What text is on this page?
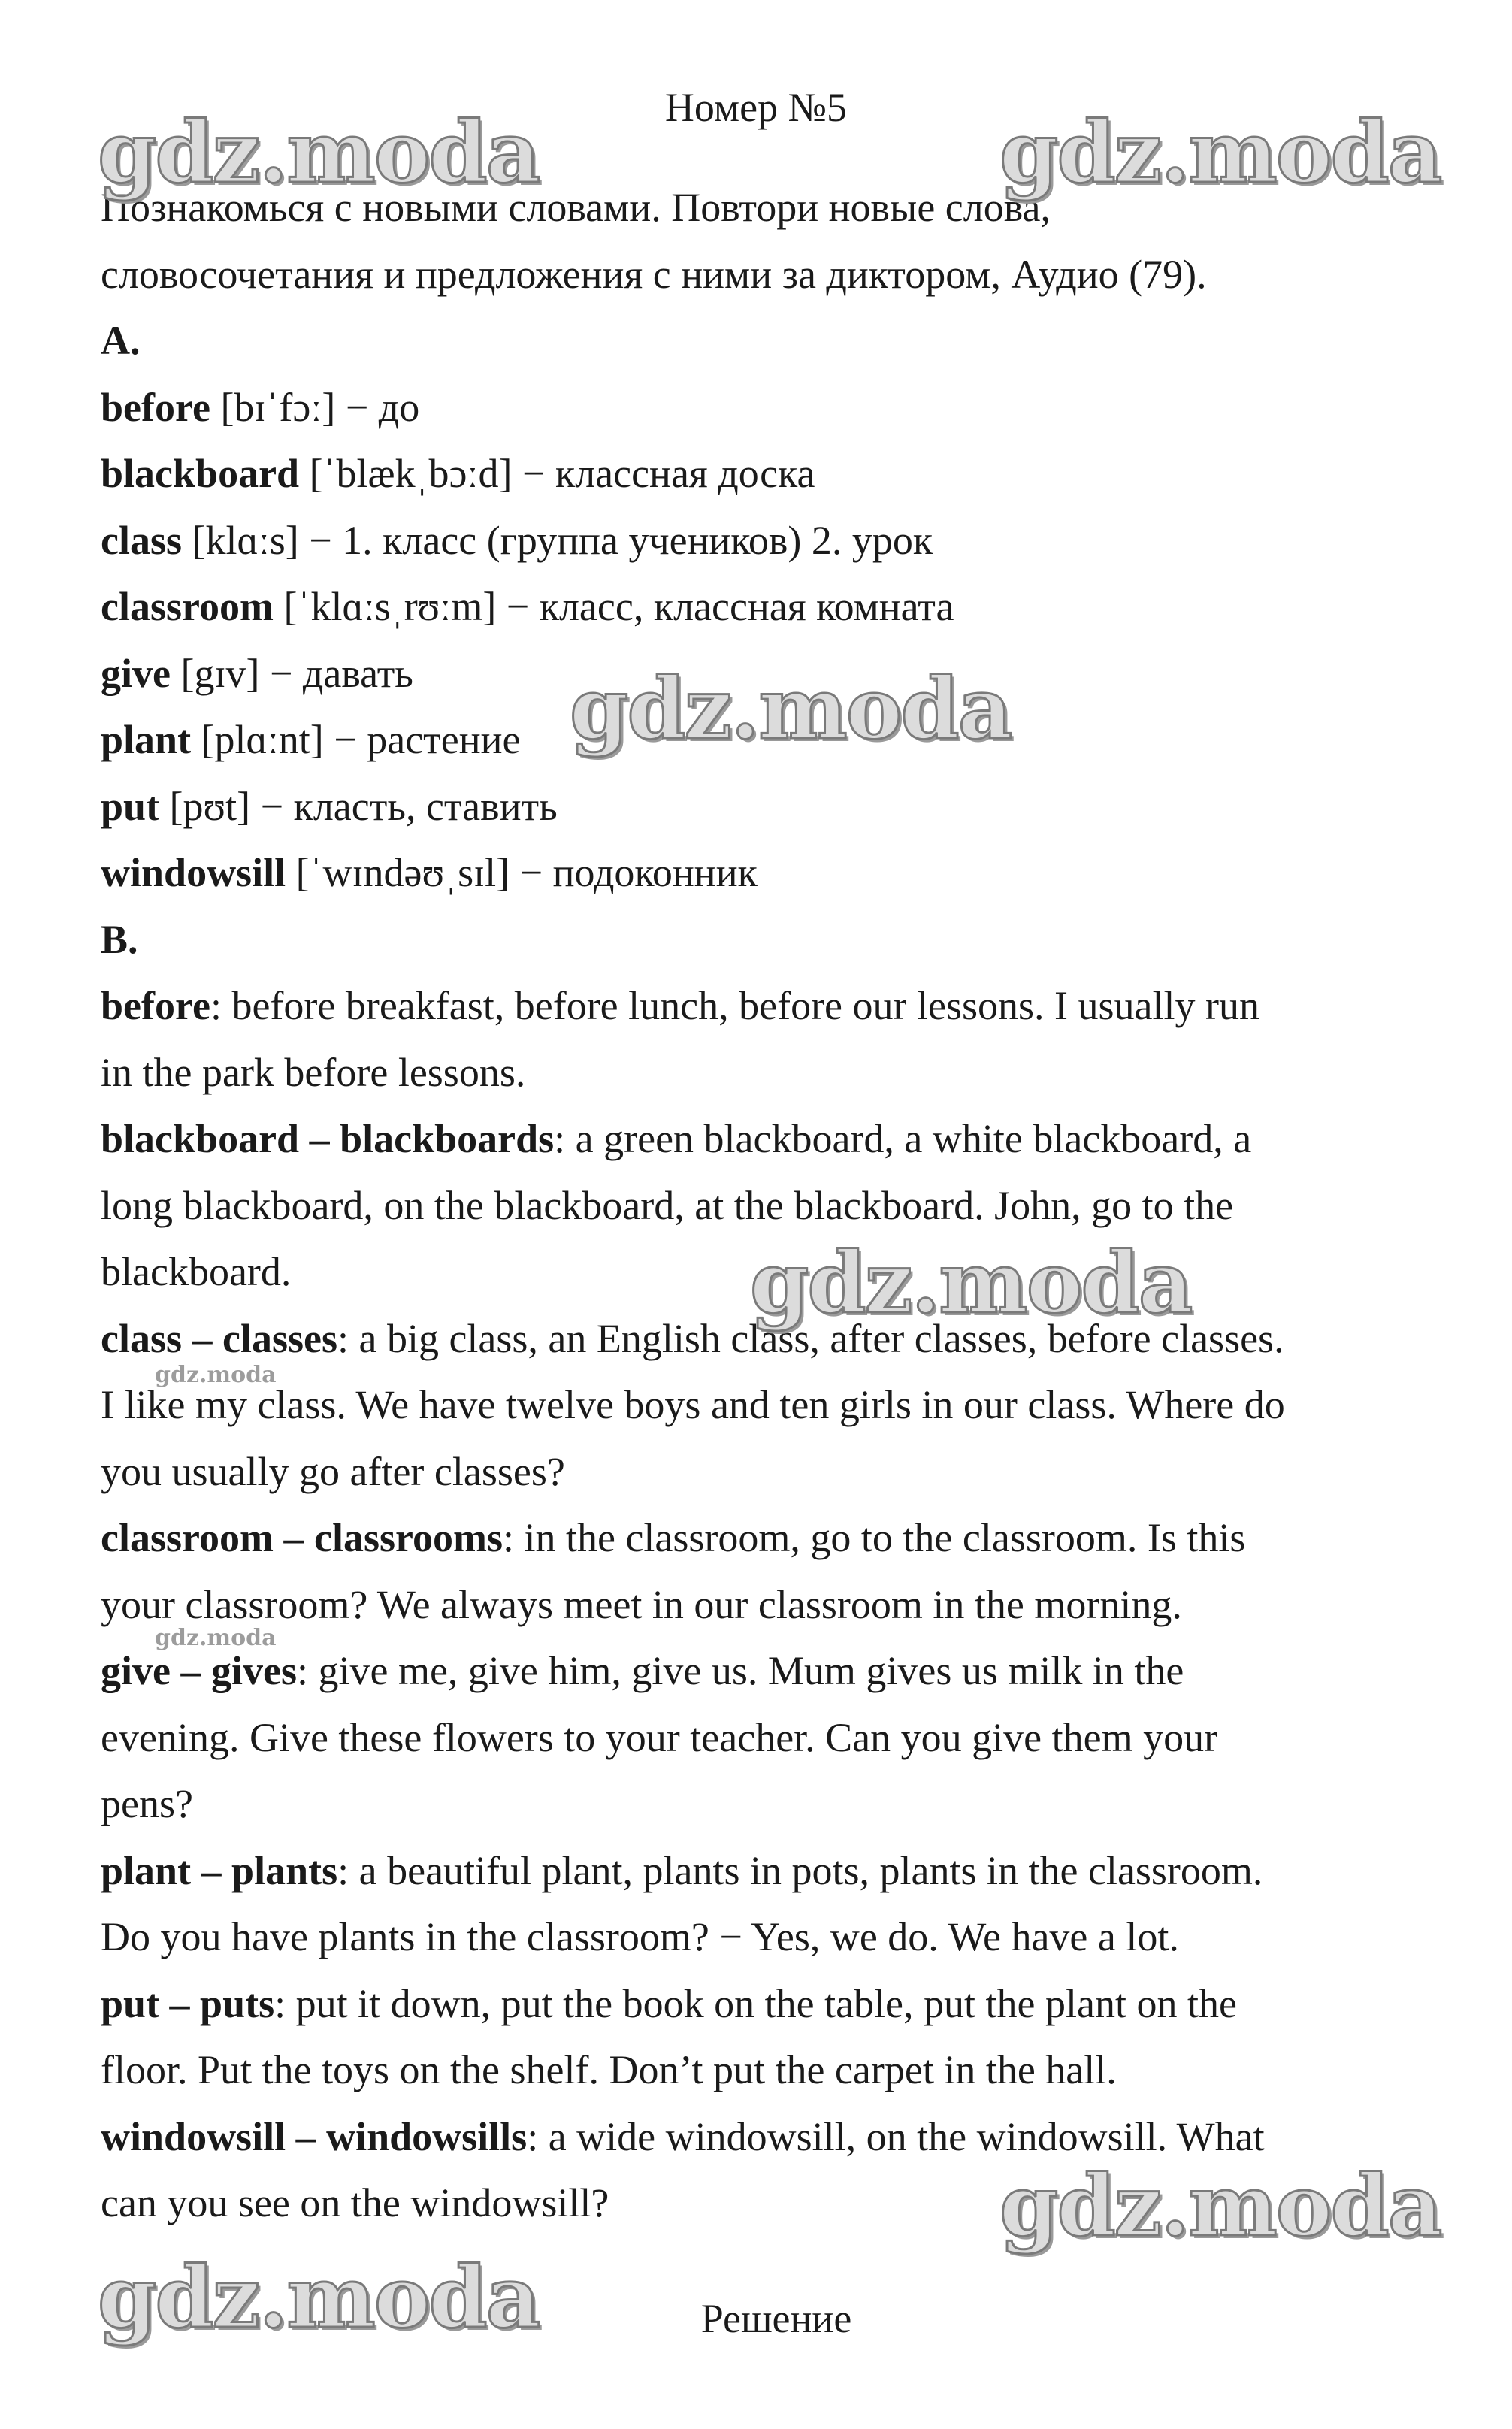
Номер №5

Познакомься с новыми словами. Повтори новые слова,

словосочетания и предложения с ними за диктором, Аудио (79).

A.

before [bɪˈfɔː] − до

blackboard [ˈblækˌbɔːd] − классная доска

class [klɑːs] − 1. класс (группа учеников) 2. урок

classroom [ˈklɑːsˌrʊːm] − класс, классная комната

give [gɪv] − давать

plant [plɑːnt] − растение

put [pʊt] − класть, ставить

windowsill [ˈwɪndəʊˌsɪl] − подоконник

B.

before: before breakfast, before lunch, before our lessons. I usually run

in the park before lessons.

blackboard – blackboards: a green blackboard, a white blackboard, a

long blackboard, on the blackboard, at the blackboard. John, go to the

blackboard.

class – classes: a big class, an English class, after classes, before classes.

I like my class. We have twelve boys and ten girls in our class. Where do

you usually go after classes?

classroom – classrooms: in the classroom, go to the classroom. Is this

your classroom? We always meet in our classroom in the morning.

give – gives: give me, give him, give us. Mum gives us milk in the

evening. Give these flowers to your teacher. Can you give them your

pens?

plant – plants: a beautiful plant, plants in pots, plants in the classroom.

Do you have plants in the classroom? − Yes, we do. We have a lot.

put – puts: put it down, put the book on the table, put the plant on the

floor. Put the toys on the shelf. Don’t put the carpet in the hall.

windowsill – windowsills: a wide windowsill, on the windowsill. What

can you see on the windowsill?

Решение

gdz.moda	gdz.moda
gdz.moda
gdz.moda
gdz.moda
gdz.moda
gdz.moda
gdz.moda
